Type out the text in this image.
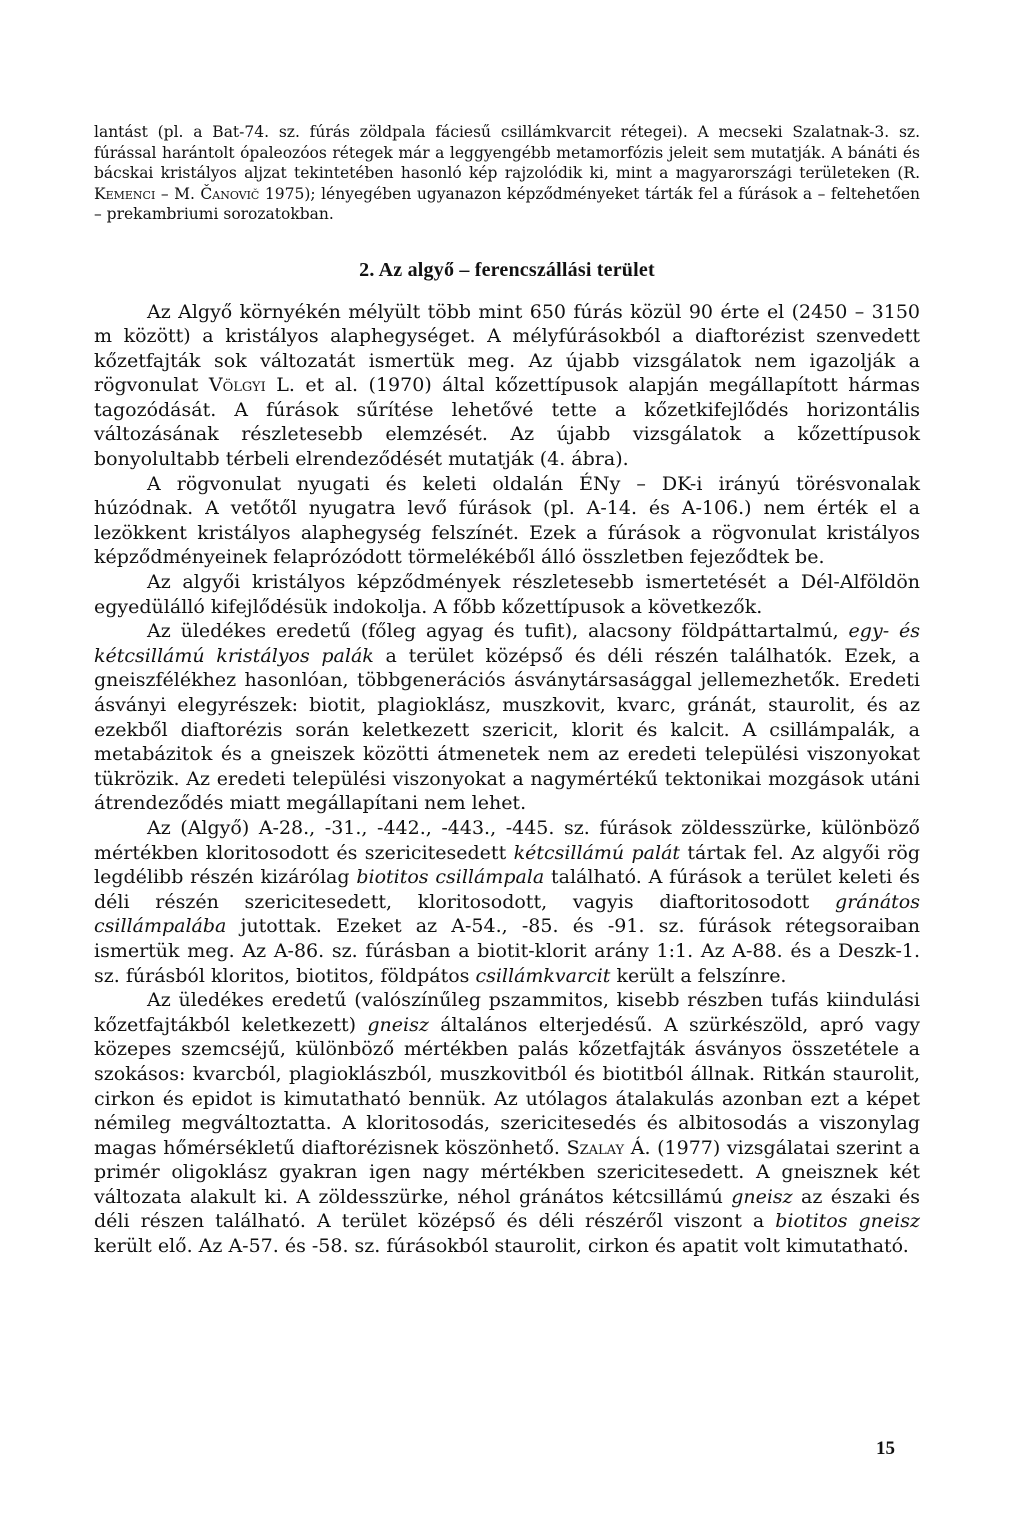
lantást (pl. a Bat-74. sz. fúrás zöldpala fáciesű csillámkvarcit rétegei). A mecseki Szalatnak-3. sz. fúrással harántolt ópaleozóos rétegek már a leggyengébb metamorfózis jeleit sem mutatják. A bánáti és bácskai kristályos aljzat tekintetében hasonló kép rajzolódik ki, mint a magyarországi területeken (R. Kemenci – M. Čanovič 1975); lényegében ugyanazon képződményeket tárták fel a fúrások a – feltehetően – prekambriumi sorozatokban.

2. Az algyő – ferencszállási terület

Az Algyő környékén mélyült több mint 650 fúrás közül 90 érte el (2450 – 3150 m között) a kristályos alaphegységet. A mélyfúrásokból a diaftorézist szenvedett kőzetfajták sok változatát ismertük meg. Az újabb vizsgálatok nem igazolják a rögvonulat Völgyi L. et al. (1970) által kőzettípusok alapján megállapított hármas tagozódását. A fúrások sűrítése lehetővé tette a kőzetkifejlődés horizontális változásának részletesebb elemzését. Az újabb vizsgálatok a kőzettípusok bonyolultabb térbeli elrendeződését mutatják (4. ábra).

A rögvonulat nyugati és keleti oldalán ÉNy – DK-i irányú törésvonalak húzódnak. A vetőtől nyugatra levő fúrások (pl. A-14. és A-106.) nem érték el a lezökkent kristályos alaphegység felszínét. Ezek a fúrások a rögvonulat kristályos képződményeinek felaprózódott törmelékéből álló összletben fejeződtek be.

Az algyői kristályos képződmények részletesebb ismertetését a Dél-Alföldön egyedülálló kifejlődésük indokolja. A főbb kőzettípusok a következők.

Az üledékes eredetű (főleg agyag és tufit), alacsony földpáttartalmú, egy- és kétcsillámú kristályos palák a terület középső és déli részén találhatók. Ezek, a gneiszfélékhez hasonlóan, többgenerációs ásványtársasággal jellemezhetők. Eredeti ásványi elegyrészek: biotit, plagioklász, muszkovit, kvarc, gránát, staurolit, és az ezekből diaftorézis során keletkezett szericit, klorit és kalcit. A csillámpalák, a metabázitok és a gneiszek közötti átmenetek nem az eredeti települési viszonyokat tükrözik. Az eredeti települési viszonyokat a nagymértékű tektonikai mozgások utáni átrendeződés miatt megállapítani nem lehet.

Az (Algyő) A-28., -31., -442., -443., -445. sz. fúrások zöldesszürke, különböző mértékben kloritosodott és szericitesedett kétcsillámú palát tártak fel. Az algyői rög legdélibb részén kizárólag biotitos csillámpala található. A fúrások a terület keleti és déli részén szericitesedett, kloritosodott, vagyis diaftoritosodott gránátos csillámpalába jutottak. Ezeket az A-54., -85. és -91. sz. fúrások rétegsoraiban ismertük meg. Az A-86. sz. fúrásban a biotit-klorit arány 1:1. Az A-88. és a Deszk-1. sz. fúrásból kloritos, biotitos, földpátos csillámkvarcit került a felszínre.

Az üledékes eredetű (valószínűleg pszammitos, kisebb részben tufás kiindulási kőzetfajtákból keletkezett) gneisz általános elterjedésű. A szürkészöld, apró vagy közepes szemcséjű, különböző mértékben palás kőzetfajták ásványos összetétele a szokásos: kvarcból, plagioklászból, muszkovitból és biotitból állnak. Ritkán staurolit, cirkon és epidot is kimutatható bennük. Az utólagos átalakulás azonban ezt a képet némileg megváltoztatta. A kloritosodás, szericitesedés és albitosodás a viszonylag magas hőmérsékletű diaftorézisnek köszönhető. Szalay Á. (1977) vizsgálatai szerint a primér oligoklász gyakran igen nagy mértékben szericitesedett. A gneisznek két változata alakult ki. A zöldesszürke, néhol gránátos kétcsillámú gneisz az északi és déli részen található. A terület középső és déli részéről viszont a biotitos gneisz került elő. Az A-57. és -58. sz. fúrásokból staurolit, cirkon és apatit volt kimutatható.

15
